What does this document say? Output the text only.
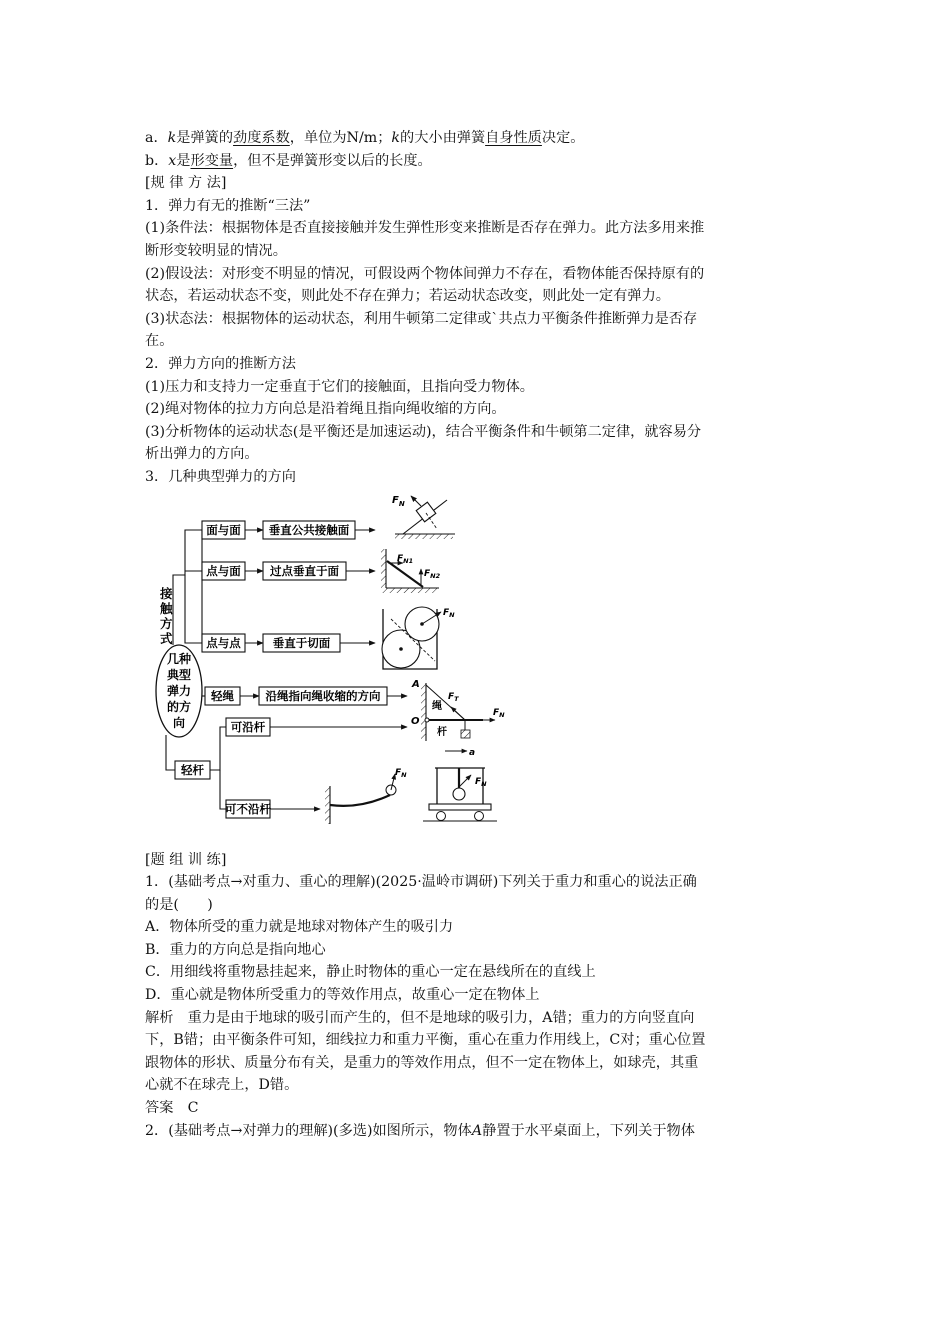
a．k是弹簧的劲度系数，单位为N/m；k的大小由弹簧自身性质决定。
b．x是形变量，但不是弹簧形变以后的长度。
[规 律 方 法]
1．弹力有无的推断“三法”
(1)条件法：根据物体是否直接接触并发生弹性形变来推断是否存在弹力。此方法多用来推
断形变较明显的情况。
(2)假设法：对形变不明显的情况，可假设两个物体间弹力不存在，看物体能否保持原有的
状态，若运动状态不变，则此处不存在弹力；若运动状态改变，则此处一定有弹力。
(3)状态法：根据物体的运动状态，利用牛顿第二定律或`共点力平衡条件推断弹力是否存
在。
2．弹力方向的推断方法
(1)压力和支持力一定垂直于它们的接触面，且指向受力物体。
(2)绳对物体的拉力方向总是沿着绳且指向绳收缩的方向。
(3)分析物体的运动状态(是平衡还是加速运动)，结合平衡条件和牛顿第二定律，就容易分
析出弹力的方向。
3．几种典型弹力的方向
接触方式
几种
典型
弹力
的方
向
面与面 垂直公共接触面
点与面	过点垂直于面
点与点	垂直于切面
轻绳	沿绳指向绳收缩的方向
轻杆
可沿杆
可不沿杆
$F_N$
$F_{N1}$
$F_{N2}$
$F_N$
A
O
绳
杆
$F_T$
$F_N$
$F_N$
a
$F_N$
[题 组 训 练]
1．(基础考点→对重力、重心的理解)(2025·温岭市调研)下列关于重力和重心的说法正确
的是(　　)
A．物体所受的重力就是地球对物体产生的吸引力
B．重力的方向总是指向地心
C．用细线将重物悬挂起来，静止时物体的重心一定在悬线所在的直线上
D．重心就是物体所受重力的等效作用点，故重心一定在物体上
解析　重力是由于地球的吸引而产生的，但不是地球的吸引力，A错；重力的方向竖直向
下，B错；由平衡条件可知，细线拉力和重力平衡，重心在重力作用线上，C对；重心位置
跟物体的形状、质量分布有关，是重力的等效作用点，但不一定在物体上，如球壳，其重
心就不在球壳上，D错。
答案　C
2．(基础考点→对弹力的理解)(多选)如图所示，物体A静置于水平桌面上，下列关于物体
